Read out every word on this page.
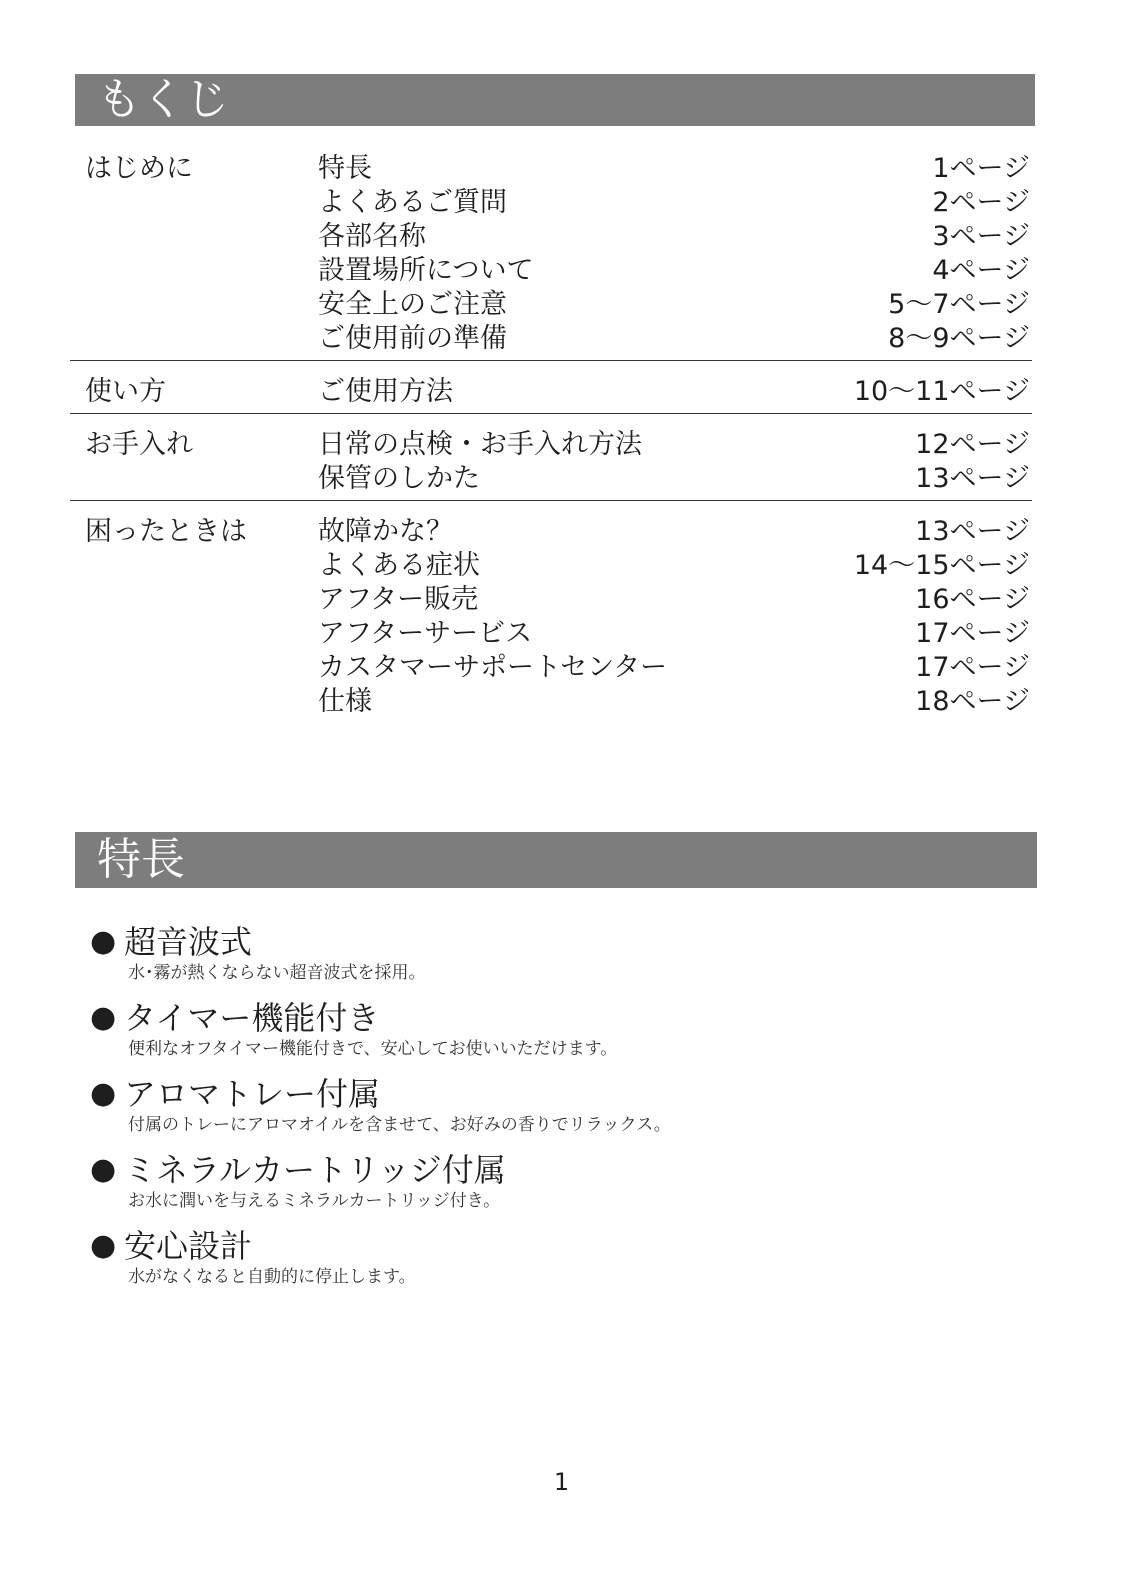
もくじ
はじめに	特長	1ページ
よくあるご質問	2ページ
各部名称	3ページ
設置場所について	4ページ
安全上のご注意	5～7ページ
ご使用前の準備	8～9ページ
使い方	ご使用方法	10～11ページ
お手入れ	日常の点検・お手入れ方法	12ページ
保管のしかた	13ページ
困ったときは	故障かな？	13ページ
よくある症状	14～15ページ
アフター販売	16ページ
アフターサービス	17ページ
カスタマーサポートセンター	17ページ
仕様	18ページ
特長
● 超音波式
水･霧が熱くならない超音波式を採用。
● タイマー機能付き
便利なオフタイマー機能付きで、安心してお使いいただけます。
● アロマトレー付属
付属のトレーにアロマオイルを含ませて、お好みの香りでリラックス。
● ミネラルカートリッジ付属
お水に潤いを与えるミネラルカートリッジ付き。
● 安心設計
水がなくなると自動的に停止します。
1
